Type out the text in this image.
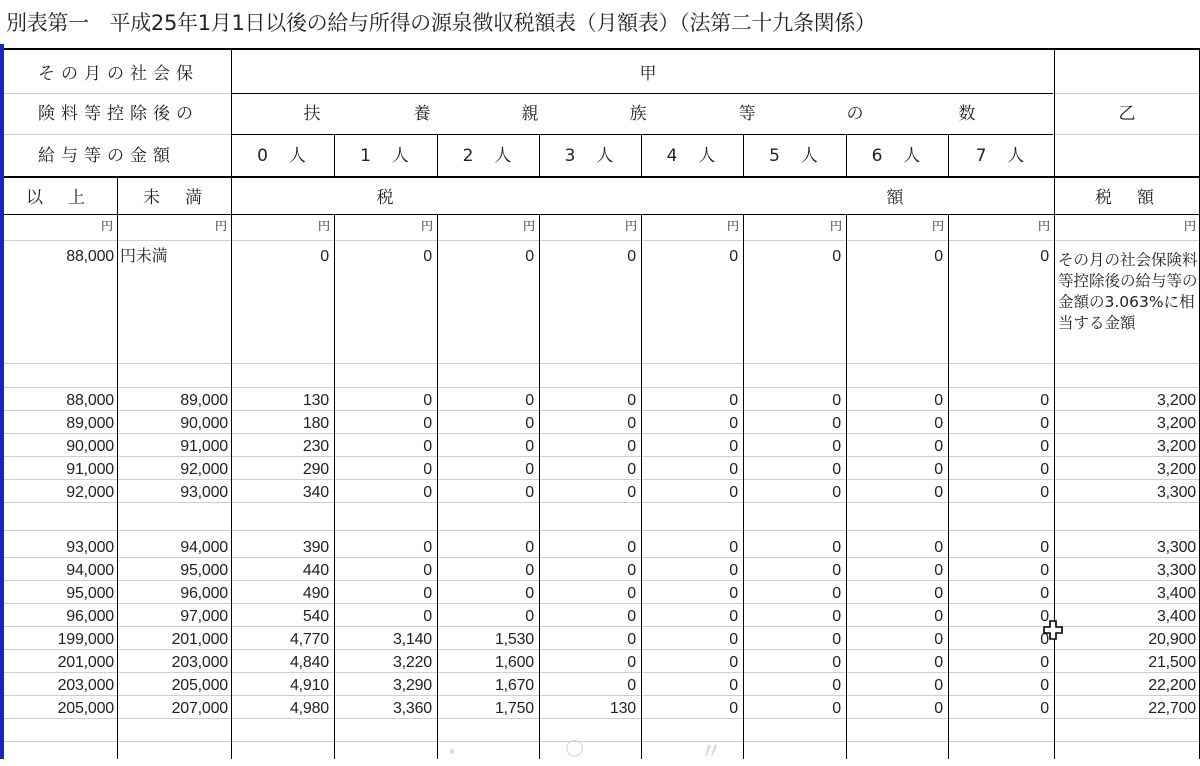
別表第一　平成25年1月1日以後の給与所得の源泉徴収税額表（月額表）（法第二十九条関係）
その月の社会保
険料等控除後の
給与等の金額
甲
乙
扶	養	親	族	等	の	数
0　人	1　人	2　人	3　人	4　人	5　人	6　人	7　人
以　上	未　満	税	額	税　額
円	円	円	円	円	円	円	円	円	円	円
88,000 円未満	0	0	0	0	0	0	0	0 その月の社会保険料等控除後の給与等の金額の3.063%に相当する金額
88,000	89,000	130	0	0	0	0	0	0	0	3,200
89,000	90,000	180	0	0	0	0	0	0	0	3,200
90,000	91,000	230	0	0	0	0	0	0	0	3,200
91,000	92,000	290	0	0	0	0	0	0	0	3,200
92,000	93,000	340	0	0	0	0	0	0	0	3,300
93,000	94,000	390	0	0	0	0	0	0	0	3,300
94,000	95,000	440	0	0	0	0	0	0	0	3,300
95,000	96,000	490	0	0	0	0	0	0	0	3,400
96,000	97,000	540	0	0	0	0	0	0	0	3,400
199,000	201,000	4,770	3,140	1,530	0	0	0	0	0	20,900
201,000	203,000	4,840	3,220	1,600	0	0	0	0	0	21,500
203,000	205,000	4,910	3,290	1,670	0	0	0	0	0	22,200
205,000	207,000	4,980	3,360	1,750	130	0	0	0	0	22,700
·	○	〃
